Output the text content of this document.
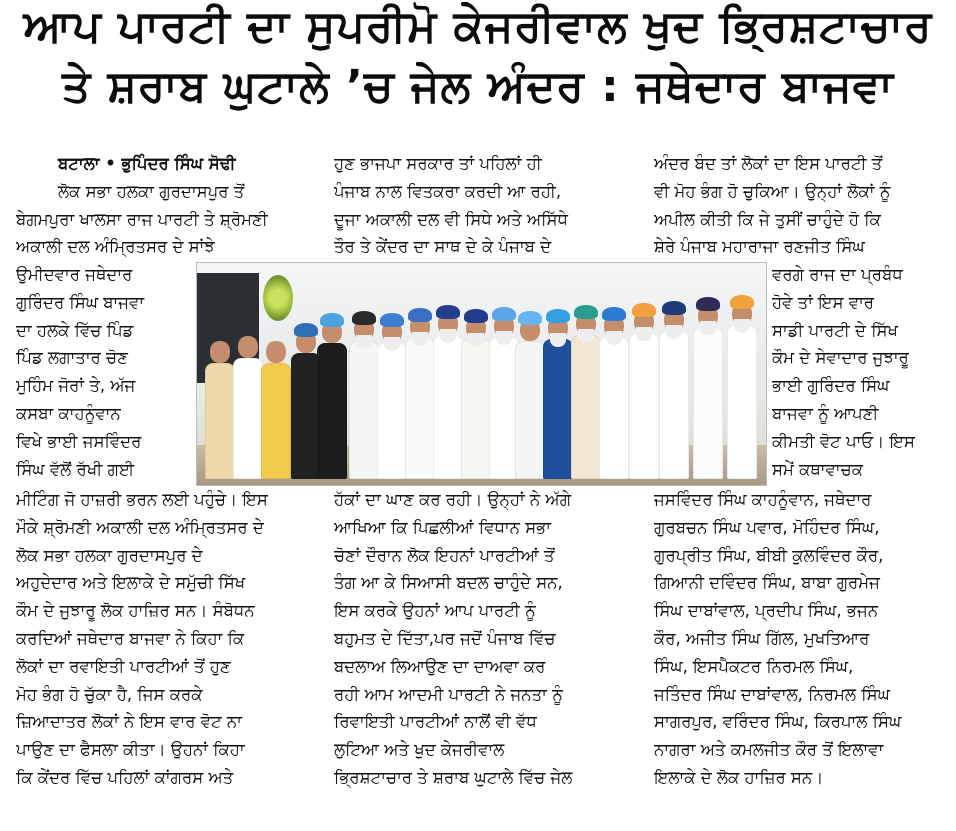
ਆਪ ਪਾਰਟੀ ਦਾ ਸੁਪਰੀਮੋ ਕੇਜਰੀਵਾਲ ਖੁਦ ਭ੍ਰਿਸ਼ਟਾਚਾਰ
ਤੇ ਸ਼ਰਾਬ ਘੁਟਾਲੇ ’ਚ ਜੇਲ ਅੰਦਰ : ਜਥੇਦਾਰ ਬਾਜਵਾ
ਬਟਾਲਾ • ਭੁਪਿੰਦਰ ਸਿੰਘ ਸੋਢੀ
ਲੋਕ ਸਭਾ ਹਲਕਾ ਗੁਰਦਾਸਪੁਰ ਤੋਂ
ਬੇਗਮਪੁਰਾ ਖਾਲਸਾ ਰਾਜ ਪਾਰਟੀ ਤੇ ਸ਼੍ਰੋਮਣੀ
ਅਕਾਲੀ ਦਲ ਅੰਮ੍ਰਿਤਸਰ ਦੇ ਸਾਂਝੇ
ਉਮੀਦਵਾਰ ਜਥੇਦਾਰ
ਗੁਰਿੰਦਰ ਸਿੰਘ ਬਾਜਵਾ
ਦਾ ਹਲਕੇ ਵਿੱਚ ਪਿੰਡ
ਪਿੰਡ ਲਗਾਤਾਰ ਚੋਣ
ਮੁਹਿੰਮ ਜੋਰਾਂ ਤੇ, ਅੱਜ
ਕਸਬਾ ਕਾਹਨੂੰਵਾਨ
ਵਿਖੇ ਭਾਈ ਜਸਵਿੰਦਰ
ਸਿੰਘ ਵੱਲੋਂ ਰੱਖੀ ਗਈ
ਮੀਟਿੰਗ ਜੋ ਹਾਜ਼ਰੀ ਭਰਨ ਲਈ ਪਹੁੰਚੇ। ਇਸ
ਮੌਕੇ ਸ਼੍ਰੋਮਣੀ ਅਕਾਲੀ ਦਲ ਅੰਮ੍ਰਿਤਸਰ ਦੇ
ਲੋਕ ਸਭਾ ਹਲਕਾ ਗੁਰਦਾਸਪੁਰ ਦੇ
ਅਹੁਦੇਦਾਰ ਅਤੇ ਇਲਾਕੇ ਦੇ ਸਮੁੱਚੀ ਸਿੱਖ
ਕੌਮ ਦੇ ਜੁਝਾਰੂ ਲੋਕ ਹਾਜ਼ਿਰ ਸਨ। ਸੰਬੋਧਨ
ਕਰਦਿਆਂ ਜਥੇਦਾਰ ਬਾਜਵਾ ਨੇ ਕਿਹਾ ਕਿ
ਲੋਕਾਂ ਦਾ ਰਵਾਇਤੀ ਪਾਰਟੀਆਂ ਤੋਂ ਹੁਣ
ਮੋਹ ਭੰਗ ਹੋ ਚੁੱਕਾ ਹੈ, ਜਿਸ ਕਰਕੇ
ਜ਼ਿਆਦਾਤਰ ਲੋਕਾਂ ਨੇ ਇਸ ਵਾਰ ਵੋਟ ਨਾ
ਪਾਉਣ ਦਾ ਫੈਸਲਾ ਕੀਤਾ। ਉਹਨਾਂ ਕਿਹਾ
ਕਿ ਕੇਂਦਰ ਵਿੱਚ ਪਹਿਲਾਂ ਕਾਂਗਰਸ ਅਤੇ
ਹੁਣ ਭਾਜਪਾ ਸਰਕਾਰ ਤਾਂ ਪਹਿਲਾਂ ਹੀ
ਪੰਜਾਬ ਨਾਲ ਵਿਤਕਰਾ ਕਰਦੀ ਆ ਰਹੀ,
ਦੂਜਾ ਅਕਾਲੀ ਦਲ ਵੀ ਸਿਧੇ ਅਤੇ ਅਸਿੱਧੇ
ਤੌਰ ਤੇ ਕੇਂਦਰ ਦਾ ਸਾਥ ਦੇ ਕੇ ਪੰਜਾਬ ਦੇ
ਹੱਕਾਂ ਦਾ ਘਾਣ ਕਰ ਰਹੀ। ਉਨ੍ਹਾਂ ਨੇ ਅੱਗੇ
ਆਖਿਆ ਕਿ ਪਿਛਲੀਆਂ ਵਿਧਾਨ ਸਭਾ
ਚੋਣਾਂ ਦੌਰਾਨ ਲੋਕ ਇਹਨਾਂ ਪਾਰਟੀਆਂ ਤੋਂ
ਤੰਗ ਆ ਕੇ ਸਿਆਸੀ ਬਦਲ ਚਾਹੁੰਦੇ ਸਨ,
ਇਸ ਕਰਕੇ ਉਹਨਾਂ ਆਪ ਪਾਰਟੀ ਨੂੰ
ਬਹੁਮਤ ਦੇ ਦਿੱਤਾ,ਪਰ ਜਦੋਂ ਪੰਜਾਬ ਵਿੱਚ
ਬਦਲਾਅ ਲਿਆਉਣ ਦਾ ਦਾਅਵਾ ਕਰ
ਰਹੀ ਆਮ ਆਦਮੀ ਪਾਰਟੀ ਨੇ ਜਨਤਾ ਨੂੰ
ਰਿਵਾਇਤੀ ਪਾਰਟੀਆਂ ਨਾਲੋਂ ਵੀ ਵੱਧ
ਲੁਟਿਆ ਅਤੇ ਖੁਦ ਕੇਜਰੀਵਾਲ
ਭ੍ਰਿਸ਼ਟਾਚਾਰ ਤੇ ਸ਼ਰਾਬ ਘੁਟਾਲੇ ਵਿੱਚ ਜੇਲ
ਅੰਦਰ ਬੰਦ ਤਾਂ ਲੋਕਾਂ ਦਾ ਇਸ ਪਾਰਟੀ ਤੋਂ
ਵੀ ਮੋਹ ਭੰਗ ਹੋ ਚੁਕਿਆ। ਉਨ੍ਹਾਂ ਲੋਕਾਂ ਨੂੰ
ਅਪੀਲ ਕੀਤੀ ਕਿ ਜੇ ਤੁਸੀਂ ਚਾਹੁੰਦੇ ਹੋ ਕਿ
ਸ਼ੇਰੇ ਪੰਜਾਬ ਮਹਾਰਾਜਾ ਰਣਜੀਤ ਸਿੰਘ
ਵਰਗੇ ਰਾਜ ਦਾ ਪ੍ਰਬੰਧ
ਹੋਵੇ ਤਾਂ ਇਸ ਵਾਰ
ਸਾਡੀ ਪਾਰਟੀ ਦੇ ਸਿੱਖ
ਕੌਮ ਦੇ ਸੇਵਾਦਾਰ ਜੁਝਾਰੂ
ਭਾਈ ਗੁਰਿੰਦਰ ਸਿੰਘ
ਬਾਜਵਾ ਨੂੰ ਆਪਣੀ
ਕੀਮਤੀ ਵੋਟ ਪਾਓ। ਇਸ
ਸਮੇਂ ਕਥਾਵਾਚਕ
ਜਸਵਿੰਦਰ ਸਿੰਘ ਕਾਹਨੂੰਵਾਨ, ਜਥੇਦਾਰ
ਗੁਰਬਚਨ ਸਿੰਘ ਪਵਾਰ, ਮੋਹਿੰਦਰ ਸਿੰਘ,
ਗੁਰਪ੍ਰੀਤ ਸਿੰਘ, ਬੀਬੀ ਕੁਲਵਿੰਦਰ ਕੌਰ,
ਗਿਆਨੀ ਦਵਿੰਦਰ ਸਿੰਘ, ਬਾਬਾ ਗੁਰਮੇਜ
ਸਿੰਘ ਦਾਬਾਂਵਾਲ, ਪ੍ਰਦੀਪ ਸਿੰਘ, ਭਜਨ
ਕੌਰ, ਅਜੀਤ ਸਿੰਘ ਗਿੱਲ, ਮੁਖਤਿਆਰ
ਸਿੰਘ, ਇਸਪੈਕਟਰ ਨਿਰਮਲ ਸਿੰਘ,
ਜਤਿੰਦਰ ਸਿੰਘ ਦਾਬਾਂਵਾਲ, ਨਿਰਮਲ ਸਿੰਘ
ਸਾਗਰਪੁਰ, ਵਰਿੰਦਰ ਸਿੰਘ, ਕਿਰਪਾਲ ਸਿੰਘ
ਨਾਗਰਾ ਅਤੇ ਕਮਲਜੀਤ ਕੌਰ ਤੋਂ ਇਲਾਵਾ
ਇਲਾਕੇ ਦੇ ਲੋਕ ਹਾਜ਼ਿਰ ਸਨ।
